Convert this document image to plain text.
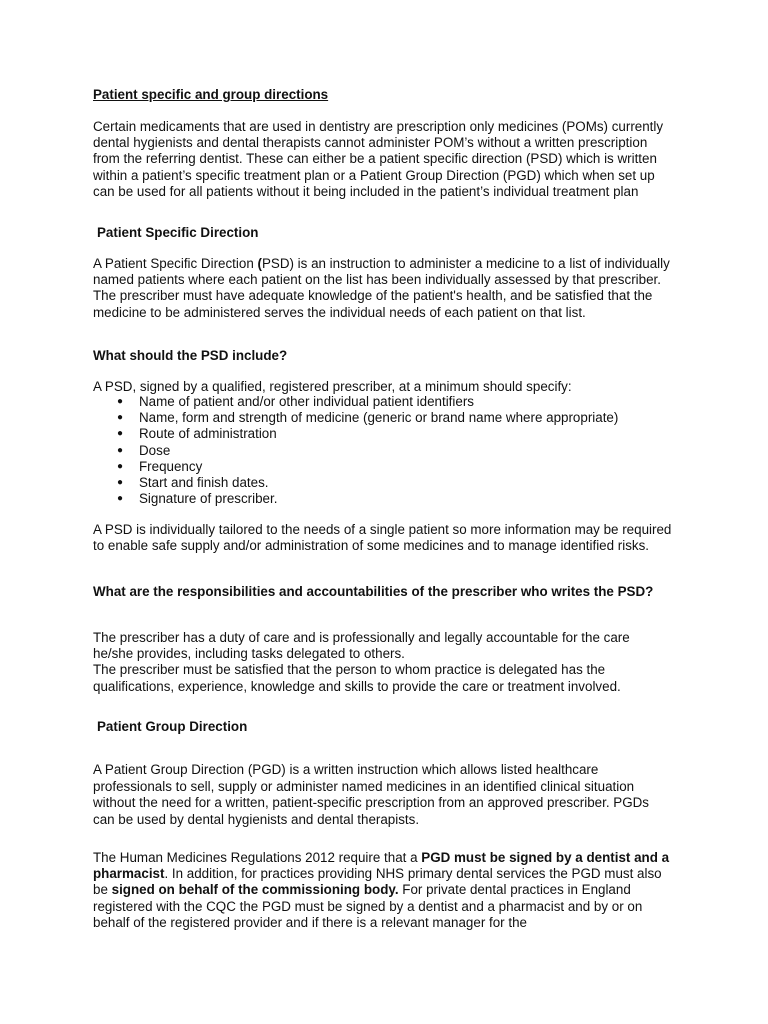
Patient specific and group directions

Certain medicaments that are used in dentistry are prescription only medicines (POMs) currently dental hygienists and dental therapists cannot administer POM’s without a written prescription from the referring dentist. These can either be a patient specific direction (PSD) which is written within a patient’s specific treatment plan or a Patient Group Direction (PGD) which when set up can be used for all patients without it being included in the patient’s individual treatment plan

Patient Specific Direction

A Patient Specific Direction (PSD) is an instruction to administer a medicine to a list of individually named patients where each patient on the list has been individually assessed by that prescriber. The prescriber must have adequate knowledge of the patient's health, and be satisfied that the medicine to be administered serves the individual needs of each patient on that list.

What should the PSD include?

A PSD, signed by a qualified, registered prescriber, at a minimum should specify:

● Name of patient and/or other individual patient identifiers
● Name, form and strength of medicine (generic or brand name where appropriate)
● Route of administration
● Dose
● Frequency
● Start and finish dates.
● Signature of prescriber.

A PSD is individually tailored to the needs of a single patient so more information may be required to enable safe supply and/or administration of some medicines and to manage identified risks.

What are the responsibilities and accountabilities of the prescriber who writes the PSD?

The prescriber has a duty of care and is professionally and legally accountable for the care he/she provides, including tasks delegated to others.
The prescriber must be satisfied that the person to whom practice is delegated has the qualifications, experience, knowledge and skills to provide the care or treatment involved.

Patient Group Direction

A Patient Group Direction (PGD) is a written instruction which allows listed healthcare professionals to sell, supply or administer named medicines in an identified clinical situation without the need for a written, patient-specific prescription from an approved prescriber. PGDs can be used by dental hygienists and dental therapists.

The Human Medicines Regulations 2012 require that a PGD must be signed by a dentist and a pharmacist. In addition, for practices providing NHS primary dental services the PGD must also be signed on behalf of the commissioning body. For private dental practices in England registered with the CQC the PGD must be signed by a dentist and a pharmacist and by or on behalf of the registered provider and if there is a relevant manager for the
